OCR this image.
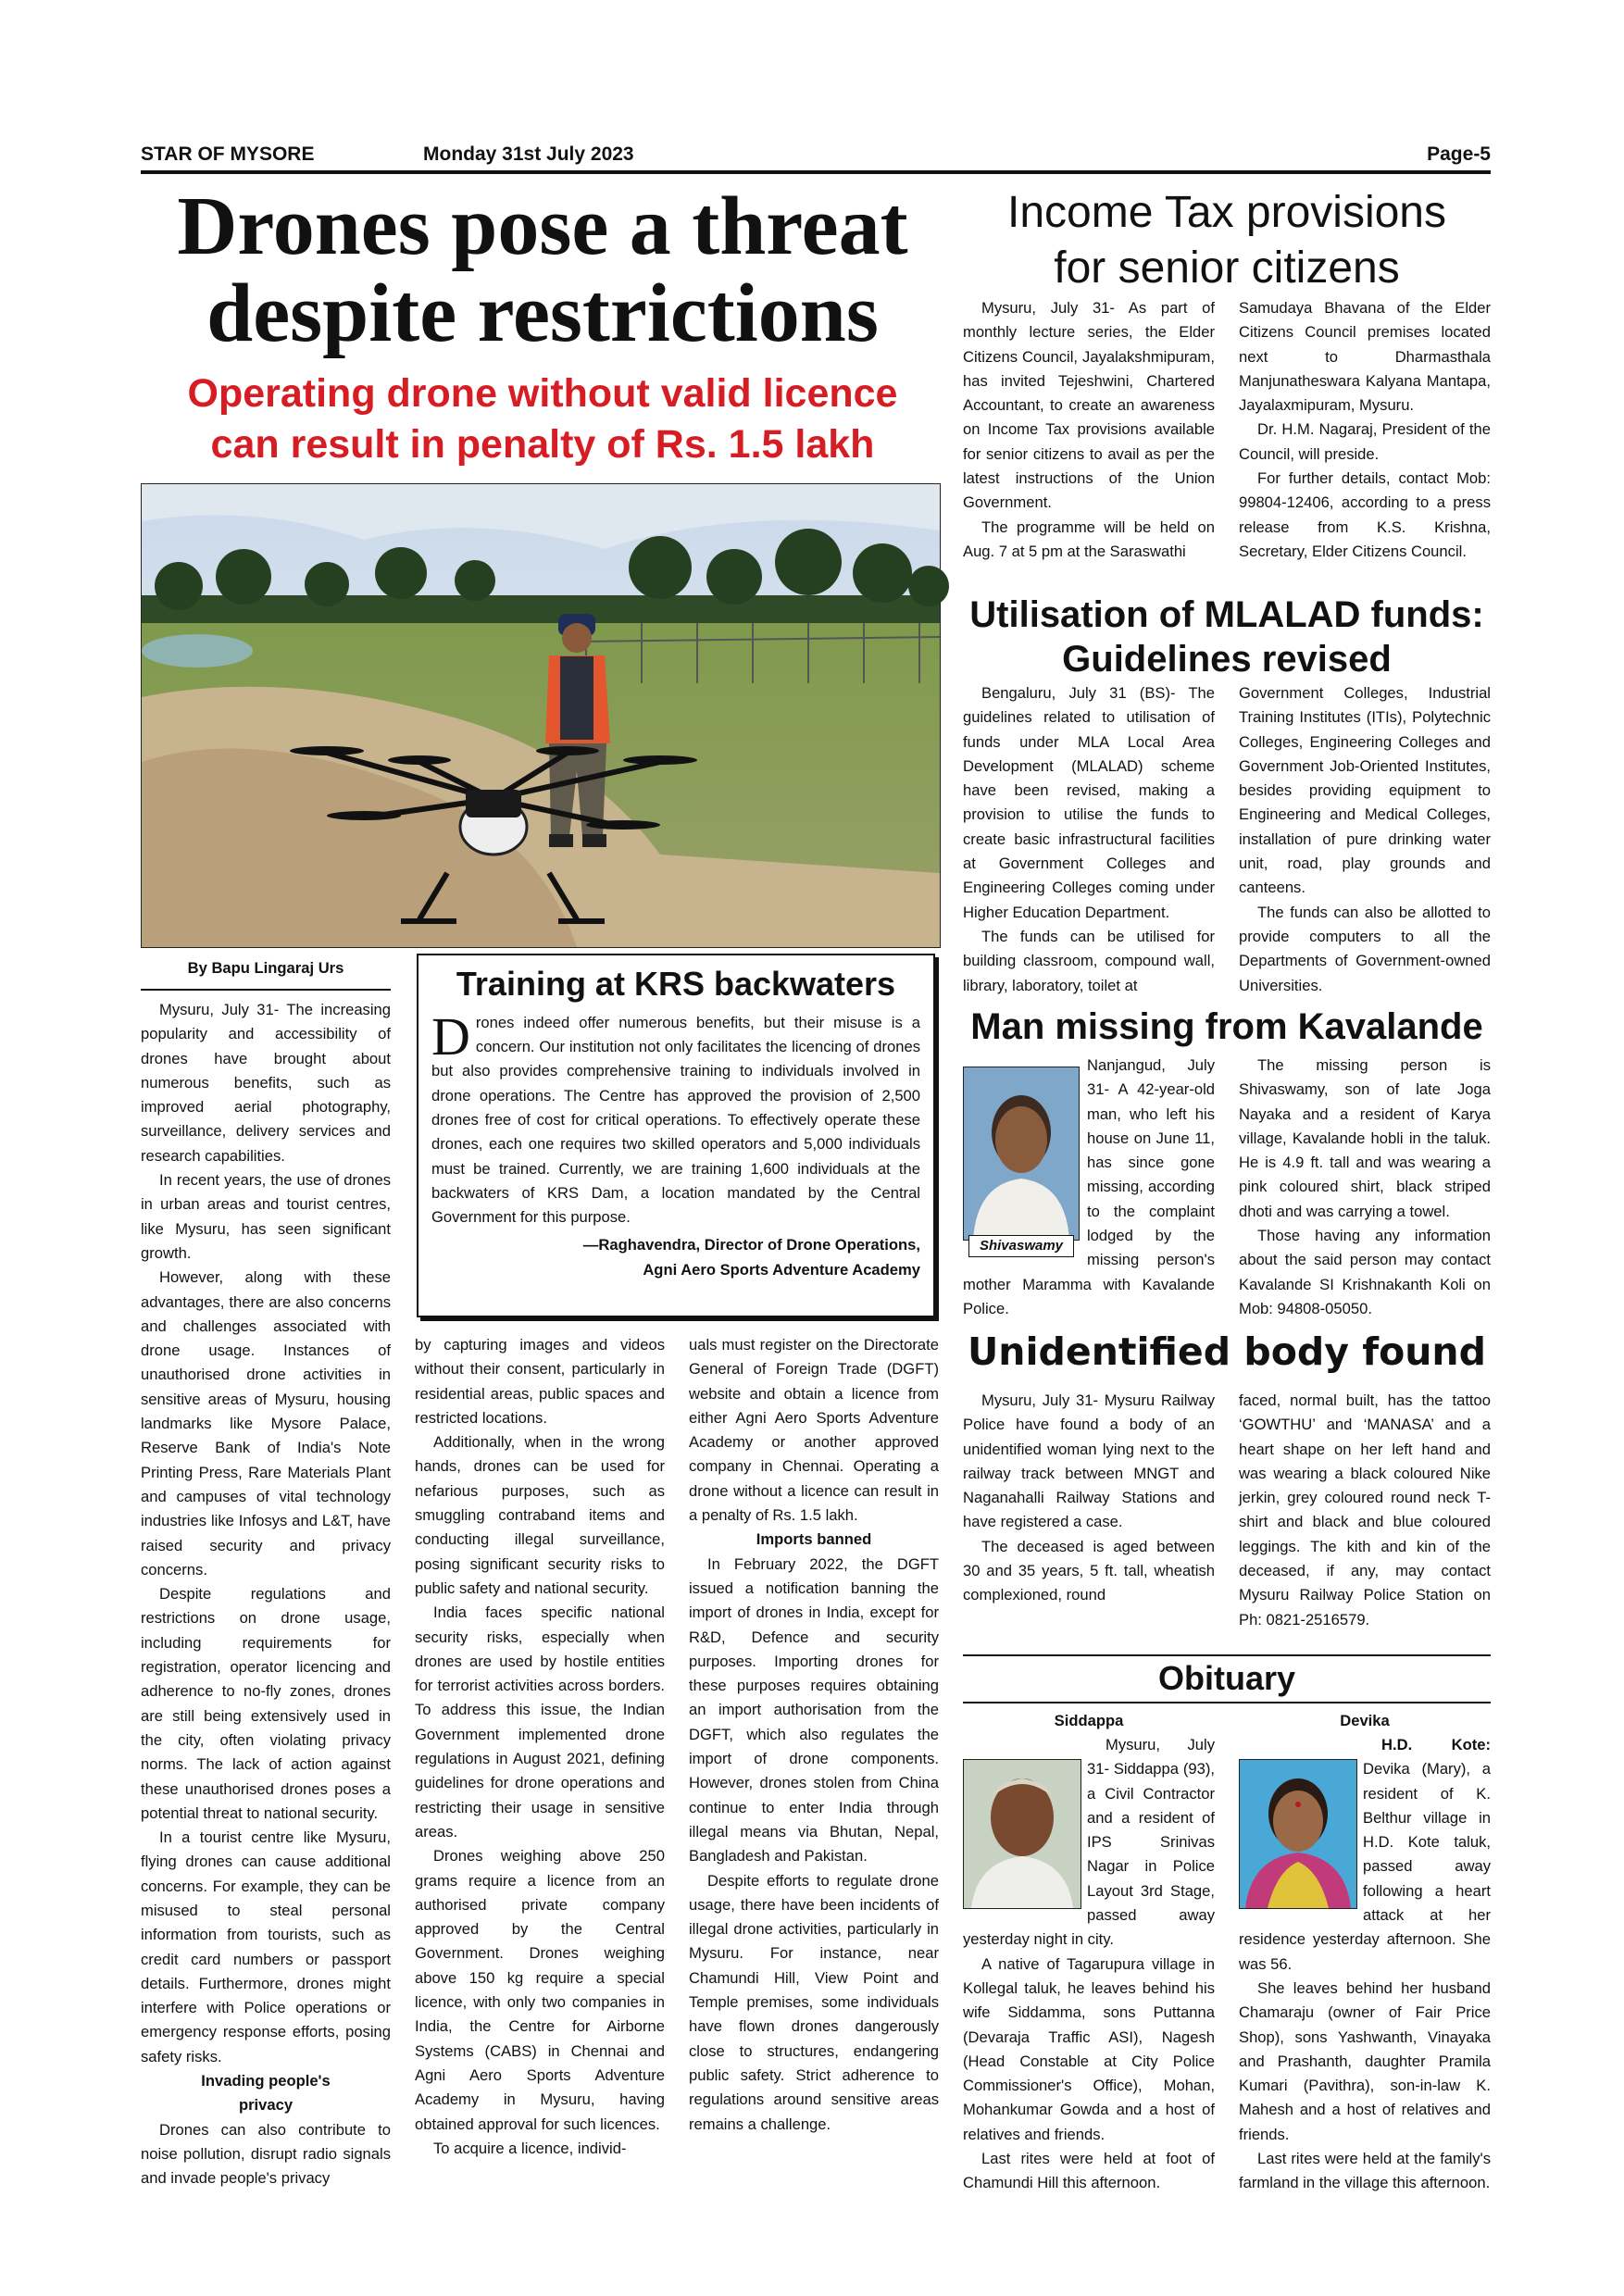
STAR OF MYSORE	Monday 31st July 2023	Page-5
Drones pose a threat
despite restrictions
Operating drone without valid licence
can result in penalty of Rs. 1.5 lakh
By Bapu Lingaraj Urs

Mysuru, July 31- The increasing popularity and accessibility of drones have brought about numerous benefits, such as improved aerial photography, surveillance, delivery services and research capabilities.

In recent years, the use of drones in urban areas and tourist centres, like Mysuru, has seen significant growth.

However, along with these advantages, there are also concerns and challenges associated with drone usage. Instances of unauthorised drone activities in sensitive areas of Mysuru, housing landmarks like Mysore Palace, Reserve Bank of India's Note Printing Press, Rare Materials Plant and campuses of vital technology industries like Infosys and L&T, have raised security and privacy concerns.

Despite regulations and restrictions on drone usage, including requirements for registration, operator licencing and adherence to no-fly zones, drones are still being extensively used in the city, often violating privacy norms. The lack of action against these unauthorised drones poses a potential threat to national security.

In a tourist centre like Mysuru, flying drones can cause additional concerns. For example, they can be misused to steal personal information from tourists, such as credit card numbers or passport details. Furthermore, drones might interfere with Police operations or emergency response efforts, posing safety risks.

Invading people's privacy

Drones can also contribute to noise pollution, disrupt radio signals and invade people's privacy

Training at KRS backwaters

Drones indeed offer numerous benefits, but their misuse is a concern. Our institution not only facilitates the licencing of drones but also provides comprehensive training to individuals involved in drone operations. The Centre has approved the provision of 2,500 drones free of cost for critical operations. To effectively operate these drones, each one requires two skilled operators and 5,000 individuals must be trained. Currently, we are training 1,600 individuals at the backwaters of KRS Dam, a location mandated by the Central Government for this purpose.

—Raghavendra, Director of Drone Operations,
Agni Aero Sports Adventure Academy

by capturing images and videos without their consent, particularly in residential areas, public spaces and restricted locations.

Additionally, when in the wrong hands, drones can be used for nefarious purposes, such as smuggling contraband items and conducting illegal surveillance, posing significant security risks to public safety and national security.

India faces specific national security risks, especially when drones are used by hostile entities for terrorist activities across borders. To address this issue, the Indian Government implemented drone regulations in August 2021, defining guidelines for drone operations and restricting their usage in sensitive areas.

Drones weighing above 250 grams require a licence from an authorised private company approved by the Central Government. Drones weighing above 150 kg require a special licence, with only two companies in India, the Centre for Airborne Systems (CABS) in Chennai and Agni Aero Sports Adventure Academy in Mysuru, having obtained approval for such licences.

To acquire a licence, individ-

uals must register on the Directorate General of Foreign Trade (DGFT) website and obtain a licence from either Agni Aero Sports Adventure Academy or another approved company in Chennai. Operating a drone without a licence can result in a penalty of Rs. 1.5 lakh.

Imports banned

In February 2022, the DGFT issued a notification banning the import of drones in India, except for R&D, Defence and security purposes. Importing drones for these purposes requires obtaining an import authorisation from the DGFT, which also regulates the import of drone components. However, drones stolen from China continue to enter India through illegal means via Bhutan, Nepal, Bangladesh and Pakistan.

Despite efforts to regulate drone usage, there have been incidents of illegal drone activities, particularly in Mysuru. For instance, near Chamundi Hill, View Point and Temple premises, some individuals have flown drones dangerously close to structures, endangering public safety. Strict adherence to regulations around sensitive areas remains a challenge.

Income Tax provisions
for senior citizens

Mysuru, July 31- As part of monthly lecture series, the Elder Citizens Council, Jayalakshmipuram, has invited Tejeshwini, Chartered Accountant, to create an awareness on Income Tax provisions available for senior citizens to avail as per the latest instructions of the Union Government.

The programme will be held on Aug. 7 at 5 pm at the Saraswathi

Samudaya Bhavana of the Elder Citizens Council premises located next to Dharmasthala Manjunatheswara Kalyana Mantapa, Jayalaxmipuram, Mysuru.

Dr. H.M. Nagaraj, President of the Council, will preside.

For further details, contact Mob: 99804-12406, according to a press release from K.S. Krishna, Secretary, Elder Citizens Council.

Utilisation of MLALAD funds:
Guidelines revised

Bengaluru, July 31 (BS)- The guidelines related to utilisation of funds under MLA Local Area Development (MLALAD) scheme have been revised, making a provision to utilise the funds to create basic infrastructural facilities at Government Colleges and Engineering Colleges coming under Higher Education Department.

The funds can be utilised for building classroom, compound wall, library, laboratory, toilet at

Government Colleges, Industrial Training Institutes (ITIs), Polytechnic Colleges, Engineering Colleges and Government Job-Oriented Institutes, besides providing equipment to Engineering and Medical Colleges, installation of pure drinking water unit, road, play grounds and canteens.

The funds can also be allotted to provide computers to all the Departments of Government-owned Universities.

Man missing from Kavalande
Shivaswamy

Nanjangud, July 31- A 42-year-old man, who left his house on June 11, has since gone missing, according to the complaint lodged by the missing person's mother Maramma with Kavalande Police.

The missing person is Shivaswamy, son of late Joga Nayaka and a resident of Karya village, Kavalande hobli in the taluk. He is 4.9 ft. tall and was wearing a pink coloured shirt, black striped dhoti and was carrying a towel.

Those having any information about the said person may contact Kavalande SI Krishnakanth Koli on Mob: 94808-05050.

Unidentified body found

Mysuru, July 31- Mysuru Railway Police have found a body of an unidentified woman lying next to the railway track between MNGT and Naganahalli Railway Stations and have registered a case.

The deceased is aged between 30 and 35 years, 5 ft. tall, wheatish complexioned, round

faced, normal built, has the tattoo ‘GOWTHU’ and ‘MANASA’ and a heart shape on her left hand and was wearing a black coloured Nike jerkin, grey coloured round neck T-shirt and black and blue coloured leggings. The kith and kin of the deceased, if any, may contact Mysuru Railway Police Station on Ph: 0821-2516579.

Obituary
Siddappa	Devika

Mysuru, July 31- Siddappa (93), a Civil Contractor and a resident of IPS Srinivas Nagar in Police Layout 3rd Stage, passed away yesterday night in city.

A native of Tagarupura village in Kollegal taluk, he leaves behind his wife Siddamma, sons Puttanna (Devaraja Traffic ASI), Nagesh (Head Constable at City Police Commissioner's Office), Mohan, Mohankumar Gowda and a host of relatives and friends.

Last rites were held at foot of Chamundi Hill this afternoon.

H.D. Kote: Devika (Mary), a resident of K. Belthur village in H.D. Kote taluk, passed away following a heart attack at her residence yesterday afternoon. She was 56.

She leaves behind her husband Chamaraju (owner of Fair Price Shop), sons Yashwanth, Vinayaka and Prashanth, daughter Pramila Kumari (Pavithra), son-in-law K. Mahesh and a host of relatives and friends.

Last rites were held at the family's farmland in the village this afternoon.
